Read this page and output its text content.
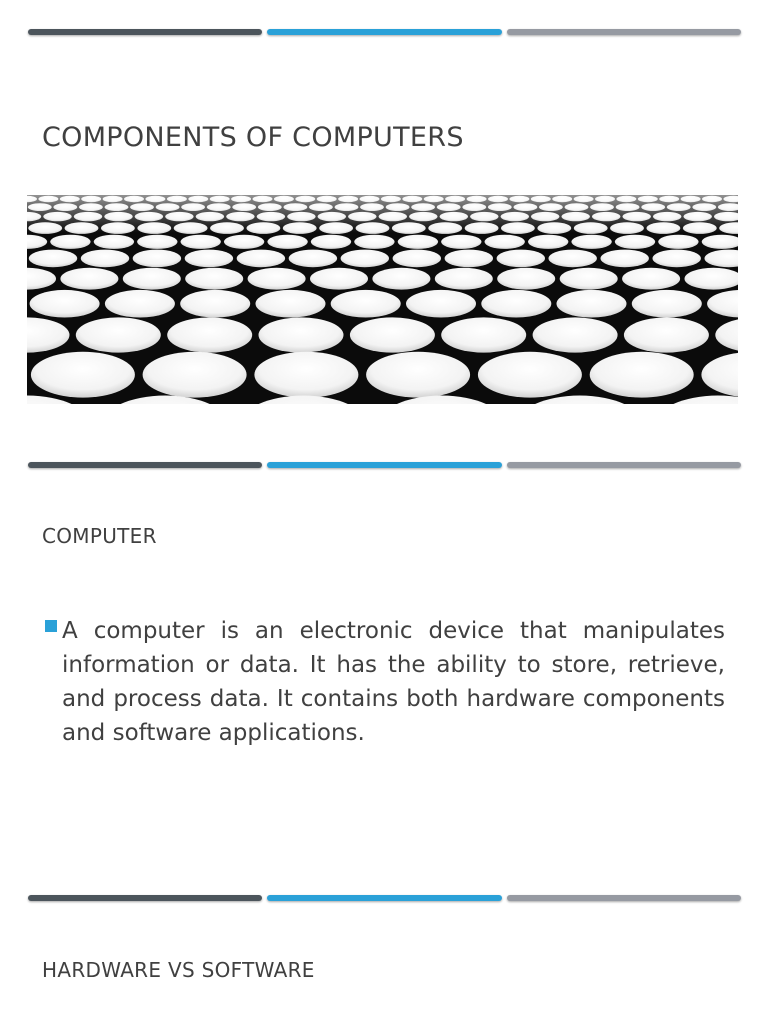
COMPONENTS OF COMPUTERS
COMPUTER

A computer is an electronic device that manipulates information or data. It has the ability to store, retrieve, and process data. It contains both hardware components and software applications.

HARDWARE VS SOFTWARE
